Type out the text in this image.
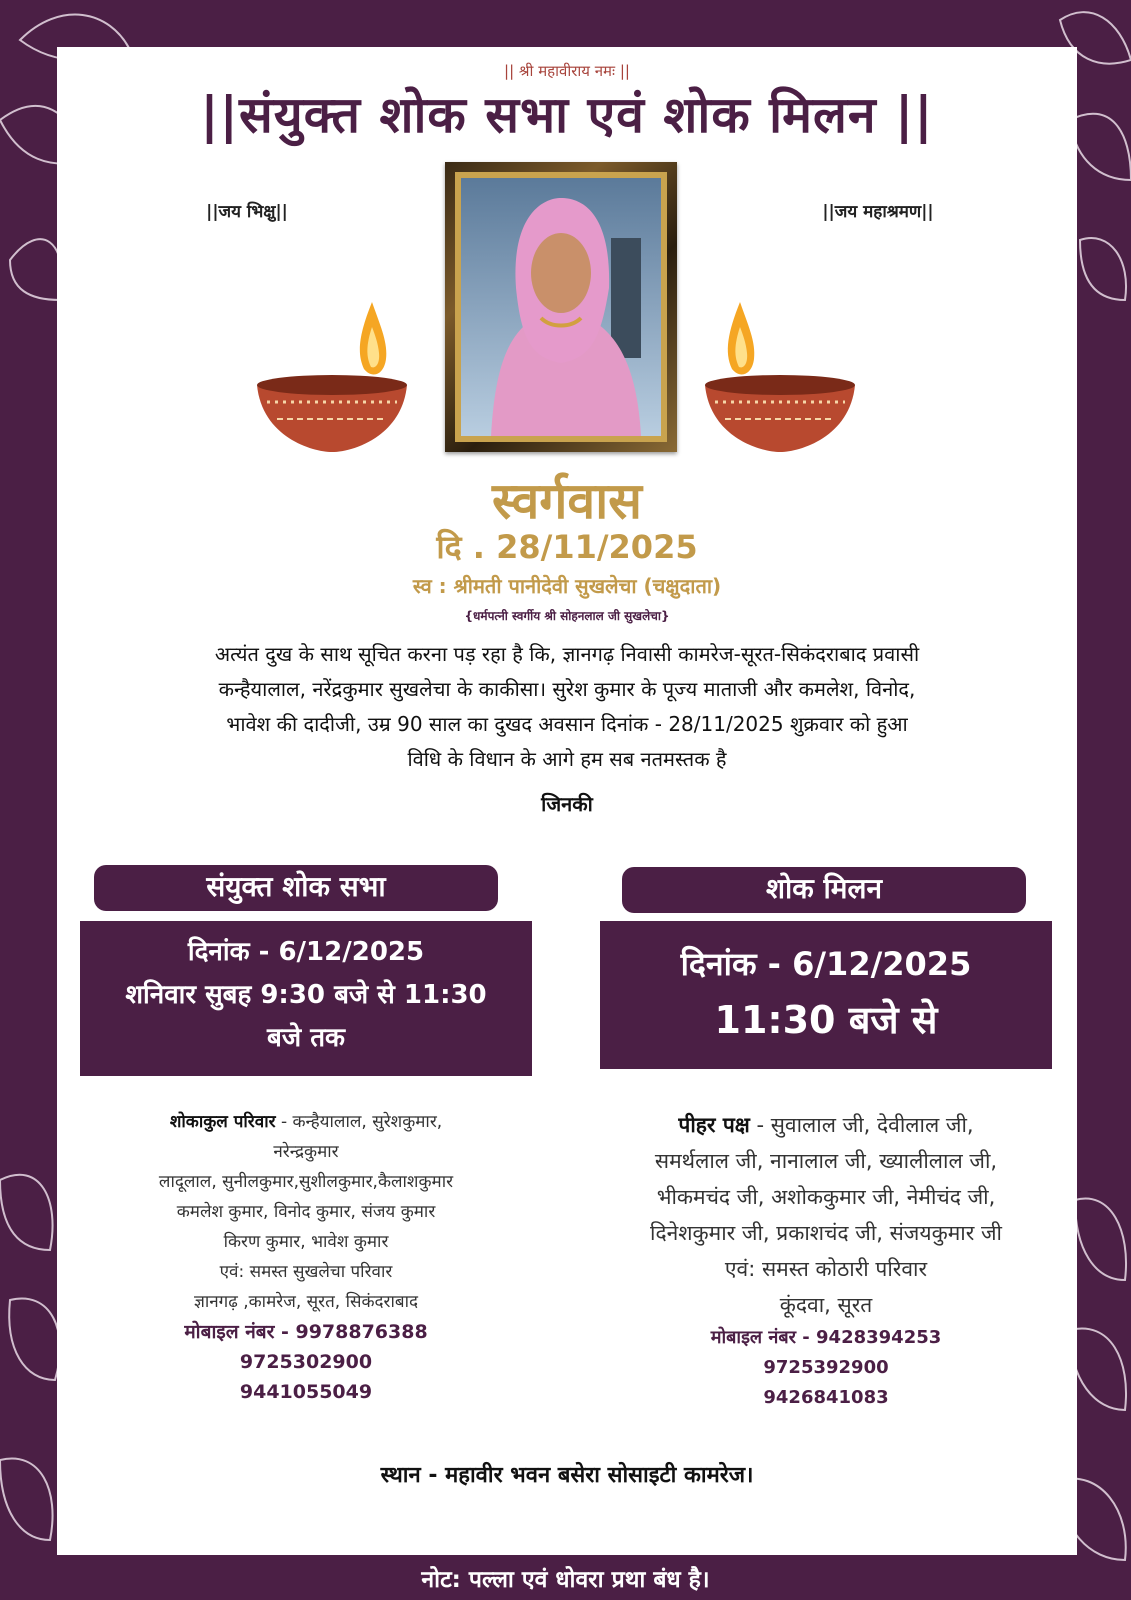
|| श्री महावीराय नमः ||
||संयुक्त शोक सभा एवं शोक मिलन ||
||जय भिक्षु||	||जय महाश्रमण||
स्वर्गवास
दि . 28/11/2025
स्व : श्रीमती पानीदेवी सुखलेचा (चक्षुदाता)
{धर्मपत्नी स्वर्गीय श्री सोहनलाल जी सुखलेचा}
अत्यंत दुख के साथ सूचित करना पड़ रहा है कि, ज्ञानगढ़ निवासी कामरेज-सूरत-सिकंदराबाद प्रवासी
कन्हैयालाल, नरेंद्रकुमार सुखलेचा के काकीसा। सुरेश कुमार के पूज्य माताजी और कमलेश, विनोद,
भावेश की दादीजी, उम्र 90 साल का दुखद अवसान दिनांक - 28/11/2025 शुक्रवार को हुआ
विधि के विधान के आगे हम सब नतमस्तक है
जिनकी
संयुक्त शोक सभा	शोक मिलन
दिनांक - 6/12/2025
शनिवार सुबह 9:30 बजे से 11:30
बजे तक
दिनांक - 6/12/2025
11:30 बजे से
शोकाकुल परिवार - कन्हैयालाल, सुरेशकुमार,
नरेन्द्रकुमार
लादूलाल, सुनीलकुमार,सुशीलकुमार,कैलाशकुमार
कमलेश कुमार, विनोद कुमार, संजय कुमार
किरण कुमार, भावेश कुमार
एवं: समस्त सुखलेचा परिवार
ज्ञानगढ़ ,कामरेज, सूरत, सिकंदराबाद
मोबाइल नंबर - 9978876388
9725302900
9441055049
पीहर पक्ष - सुवालाल जी, देवीलाल जी,
समर्थलाल जी, नानालाल जी, ख्यालीलाल जी,
भीकमचंद जी, अशोककुमार जी, नेमीचंद जी,
दिनेशकुमार जी, प्रकाशचंद जी, संजयकुमार जी
एवं: समस्त कोठारी परिवार
कूंदवा, सूरत
मोबाइल नंबर - 9428394253
9725392900
9426841083
स्थान - महावीर भवन बसेरा सोसाइटी कामरेज।
नोट: पल्ला एवं धोवरा प्रथा बंध है।
